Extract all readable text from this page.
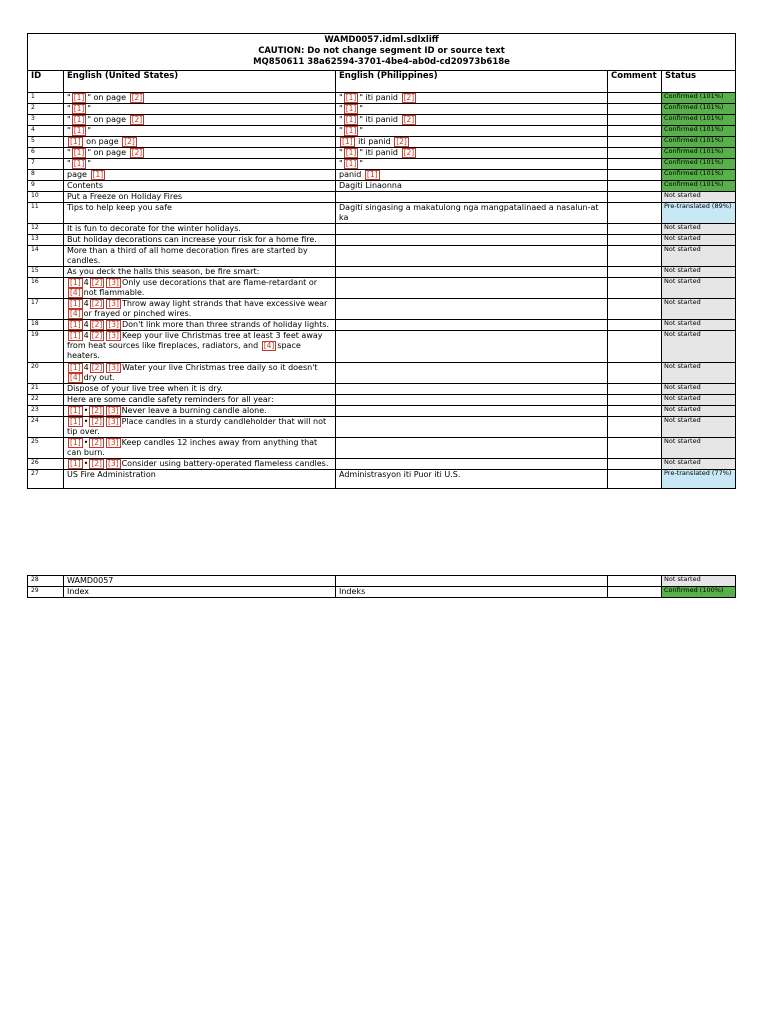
WAMD0057.idml.sdlxliff
CAUTION: Do not change segment ID or source text
MQ850611 38a62594-3701-4be4-ab0d-cd20973b618e				

ID	English (United States)	English (Philippines)	Comment	Status
1	" [1] " on page [2]	" [1] " iti panid [2]		Confirmed (101%)
2	" [1] "	" [1] "		Confirmed (101%)
3	" [1] " on page [2]	" [1] " iti panid [2]		Confirmed (101%)
4	" [1] "	" [1] "		Confirmed (101%)
5	[1] on page [2]	[1] iti panid [2]		Confirmed (101%)
6	" [1] " on page [2]	" [1] " iti panid [2]		Confirmed (101%)
7	" [1] "	" [1] "		Confirmed (101%)
8	page [1]	panid [1]		Confirmed (101%)
9	Contents	Dagiti Linaonna		Confirmed (101%)
10	Put a Freeze on Holiday Fires			Not started
11	Tips to help keep you safe	Dagiti singasing a makatulong nga mangpatalinaed a nasalun-at ka		Pre-translated (89%)
12	It is fun to decorate for the winter holidays.			Not started
13	But holiday decorations can increase your risk for a home fire.			Not started
14	More than a third of all home decoration fires are started by candles.			Not started
15	As you deck the halls this season, be fire smart:			Not started
16	[1] 4 [2] [3] Only use decorations that are flame-retardant or [4] not flammable.			Not started
17	[1] 4 [2] [3] Throw away light strands that have excessive wear [4] or frayed or pinched wires.			Not started
18	[1] 4 [2] [3] Don't link more than three strands of holiday lights.			Not started
19	[1] 4 [2] [3] Keep your live Christmas tree at least 3 feet away from heat sources like fireplaces, radiators, and [4] space heaters.			Not started
20	[1] 4 [2] [3] Water your live Christmas tree daily so it doesn't [4] dry out.			Not started
21	Dispose of your live tree when it is dry.			Not started
22	Here are some candle safety reminders for all year:			Not started
23	[1] • [2] [3] Never leave a burning candle alone.			Not started
24	[1] • [2] [3] Place candles in a sturdy candleholder that will not tip over.			Not started
25	[1] • [2] [3] Keep candles 12 inches away from anything that can burn.			Not started
26	[1] • [2] [3] Consider using battery-operated flameless candles.			Not started
27	US Fire Administration	Administrasyon iti Puor iti U.S.		Pre-translated (77%)
28	WAMD0057			Not started
29	Index	Indeks		Confirmed (100%)
